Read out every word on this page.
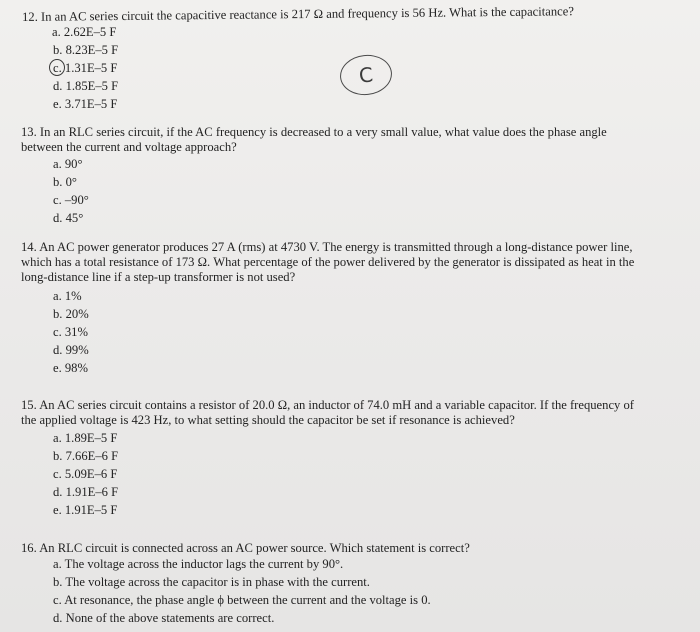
12. In an AC series circuit the capacitive reactance is 217 Ω and frequency is 56 Hz. What is the capacitance?
a. 2.62E–5 F
b. 8.23E–5 F
c. 1.31E–5 F
d. 1.85E–5 F
e. 3.71E–5 F
C
13. In an RLC series circuit, if the AC frequency is decreased to a very small value, what value does the phase angle
between the current and voltage approach?
a. 90°
b. 0°
c. –90°
d. 45°
14. An AC power generator produces 27 A (rms) at 4730 V. The energy is transmitted through a long-distance power line,
which has a total resistance of 173 Ω. What percentage of the power delivered by the generator is dissipated as heat in the
long-distance line if a step-up transformer is not used?
a. 1%
b. 20%
c. 31%
d. 99%
e. 98%
15. An AC series circuit contains a resistor of 20.0 Ω, an inductor of 74.0 mH and a variable capacitor. If the frequency of
the applied voltage is 423 Hz, to what setting should the capacitor be set if resonance is achieved?
a. 1.89E–5 F
b. 7.66E–6 F
c. 5.09E–6 F
d. 1.91E–6 F
e. 1.91E–5 F
16. An RLC circuit is connected across an AC power source. Which statement is correct?
a. The voltage across the inductor lags the current by 90°.
b. The voltage across the capacitor is in phase with the current.
c. At resonance, the phase angle ϕ between the current and the voltage is 0.
d. None of the above statements are correct.
